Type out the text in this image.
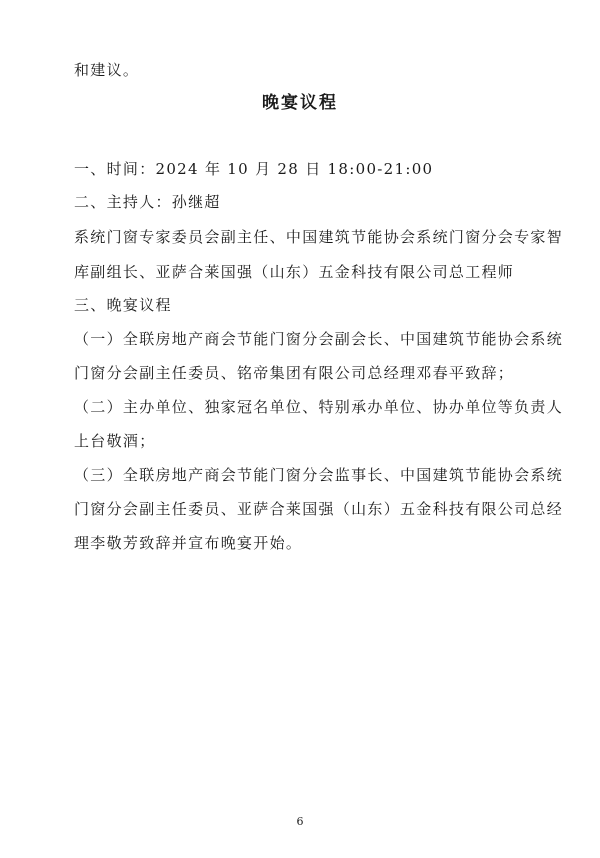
和建议。
晚宴议程
一、时间：2024 年 10 月 28 日 18:00-21:00
二、主持人：孙继超
系统门窗专家委员会副主任、中国建筑节能协会系统门窗分会专家智
库副组长、亚萨合莱国强（山东）五金科技有限公司总工程师
三、晚宴议程
（一）全联房地产商会节能门窗分会副会长、中国建筑节能协会系统
门窗分会副主任委员、铭帝集团有限公司总经理邓春平致辞；
（二）主办单位、独家冠名单位、特别承办单位、协办单位等负责人
上台敬酒；
（三）全联房地产商会节能门窗分会监事长、中国建筑节能协会系统
门窗分会副主任委员、亚萨合莱国强（山东）五金科技有限公司总经
理李敬芳致辞并宣布晚宴开始。
6
